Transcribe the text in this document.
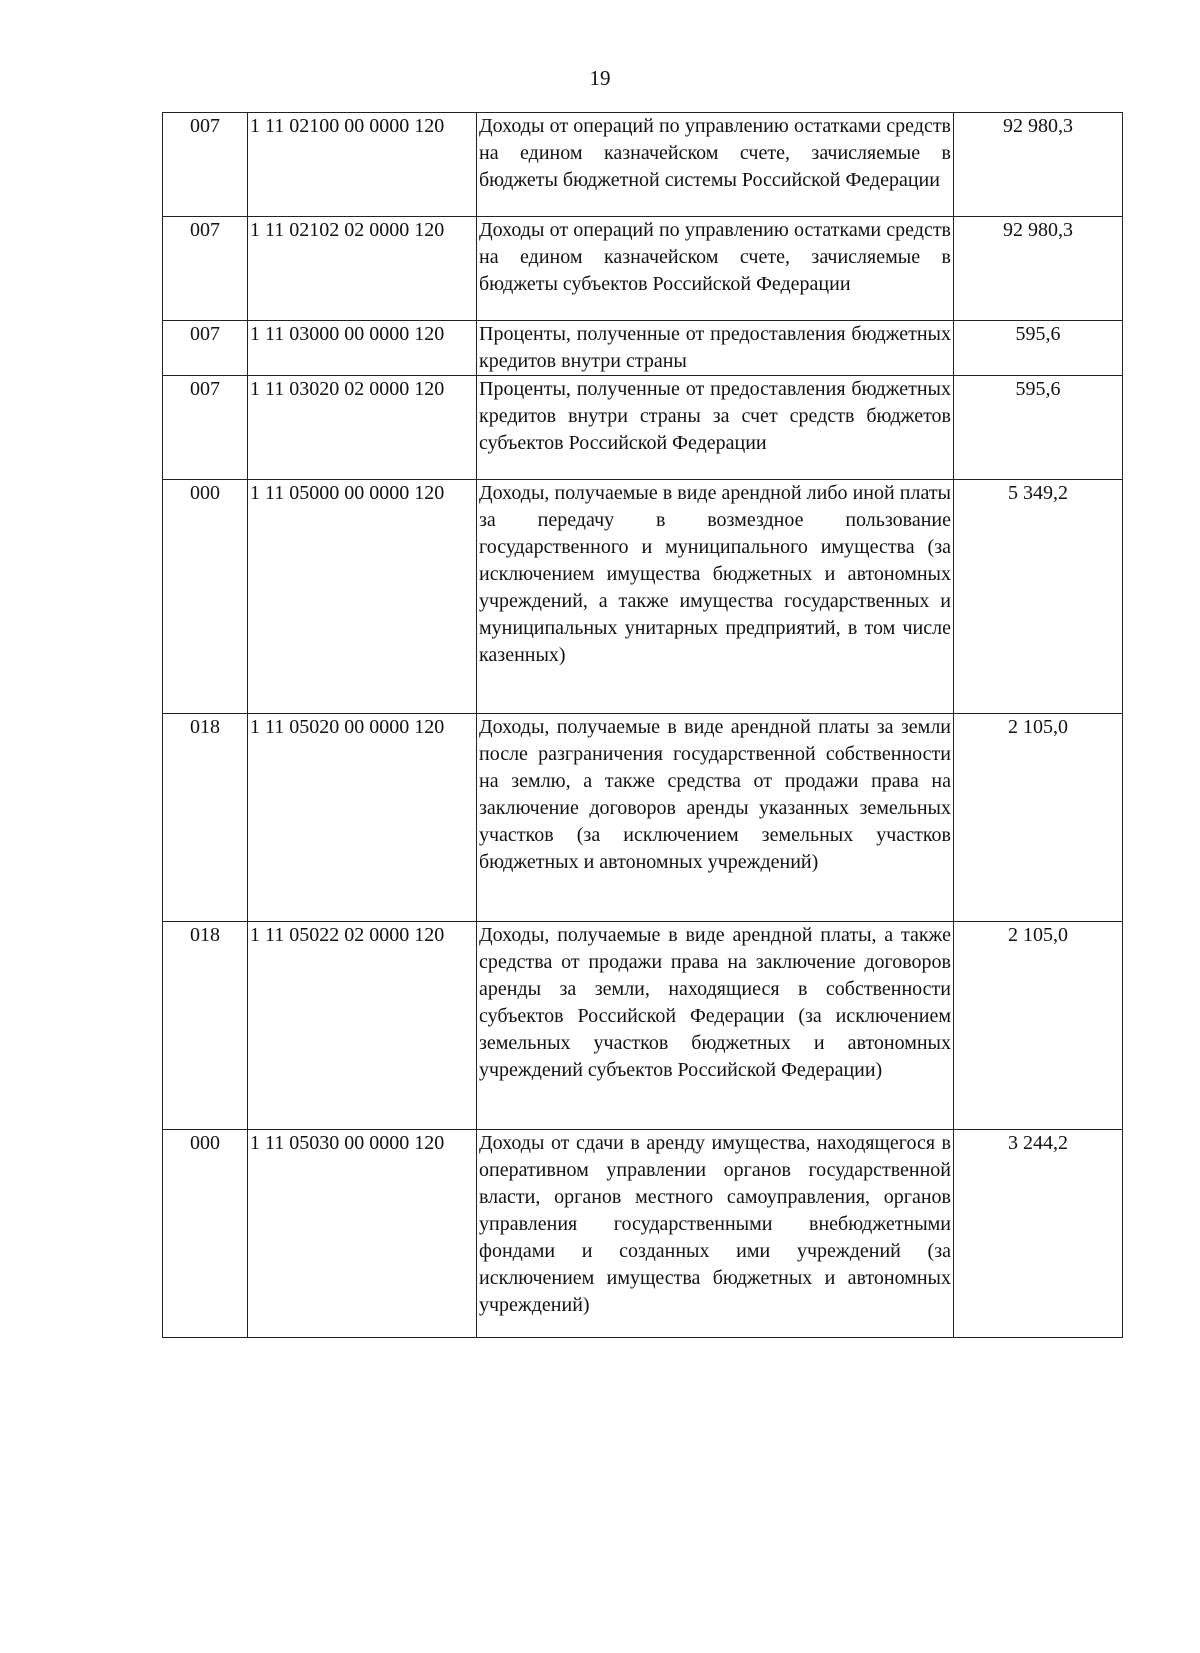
19
007	1 11 02100 00 0000 120	Доходы от операций по управлению остатками средств на едином казначейском счете, зачисляемые в бюджеты бюджетной системы Российской Федерации	92 980,3
007	1 11 02102 02 0000 120	Доходы от операций по управлению остатками средств на едином казначейском счете, зачисляемые в бюджеты субъектов Российской Федерации	92 980,3
007	1 11 03000 00 0000 120	Проценты, полученные от предоставления бюджетных кредитов внутри страны	595,6
007	1 11 03020 02 0000 120	Проценты, полученные от предоставления бюджетных кредитов внутри страны за счет средств бюджетов субъектов Российской Федерации	595,6
000	1 11 05000 00 0000 120	Доходы, получаемые в виде арендной либо иной платы за передачу в возмездное пользование государственного и муниципального имущества (за исключением имущества бюджетных и автономных учреждений, а также имущества государственных и муниципальных унитарных предприятий, в том числе казенных)	5 349,2
018	1 11 05020 00 0000 120	Доходы, получаемые в виде арендной платы за земли после разграничения государственной собственности на землю, а также средства от продажи права на заключение договоров аренды указанных земельных участков (за исключением земельных участков бюджетных и автономных учреждений)	2 105,0
018	1 11 05022 02 0000 120	Доходы, получаемые в виде арендной платы, а также средства от продажи права на заключение договоров аренды за земли, находящиеся в собственности субъектов Российской Федерации (за исключением земельных участков бюджетных и автономных учреждений субъектов Российской Федерации)	2 105,0
000	1 11 05030 00 0000 120	Доходы от сдачи в аренду имущества, находящегося в оперативном управлении органов государственной власти, органов местного самоуправления, органов управления государственными внебюджетными фондами и созданных ими учреждений (за исключением имущества бюджетных и автономных учреждений)	3 244,2
